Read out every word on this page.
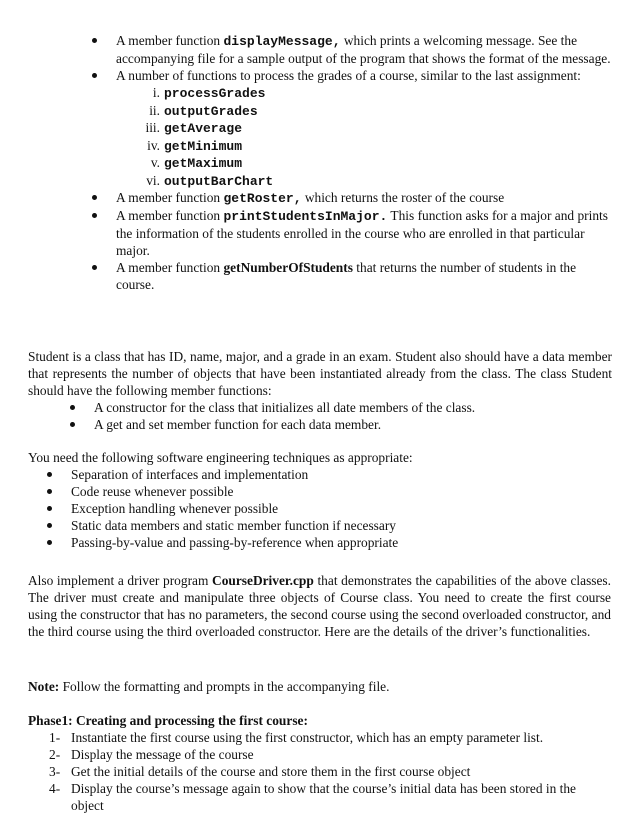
A member function displayMessage, which prints a welcoming message. See the accompanying file for a sample output of the program that shows the format of the message.
A number of functions to process the grades of a course, similar to the last assignment:
i. processGrades
ii. outputGrades
iii. getAverage
iv. getMinimum
v. getMaximum
vi. outputBarChart
A member function getRoster, which returns the roster of the course
A member function printStudentsInMajor. This function asks for a major and prints the information of the students enrolled in the course who are enrolled in that particular major.
A member function getNumberOfStudents that returns the number of students in the course.

Student is a class that has ID, name, major, and a grade in an exam. Student also should have a data member that represents the number of objects that have been instantiated already from the class. The class Student should have the following member functions:

A constructor for the class that initializes all date members of the class.
A get and set member function for each data member.

You need the following software engineering techniques as appropriate:

Separation of interfaces and implementation
Code reuse whenever possible
Exception handling whenever possible
Static data members and static member function if necessary
Passing-by-value and passing-by-reference when appropriate

Also implement a driver program CourseDriver.cpp that demonstrates the capabilities of the above classes. The driver must create and manipulate three objects of Course class. You need to create the first course using the constructor that has no parameters, the second course using the second overloaded constructor, and the third course using the third overloaded constructor. Here are the details of the driver’s functionalities.

Note: Follow the formatting and prompts in the accompanying file.

Phase1: Creating and processing the first course:

1- Instantiate the first course using the first constructor, which has an empty parameter list.
2- Display the message of the course
3- Get the initial details of the course and store them in the first course object
4- Display the course’s message again to show that the course’s initial data has been stored in the object
